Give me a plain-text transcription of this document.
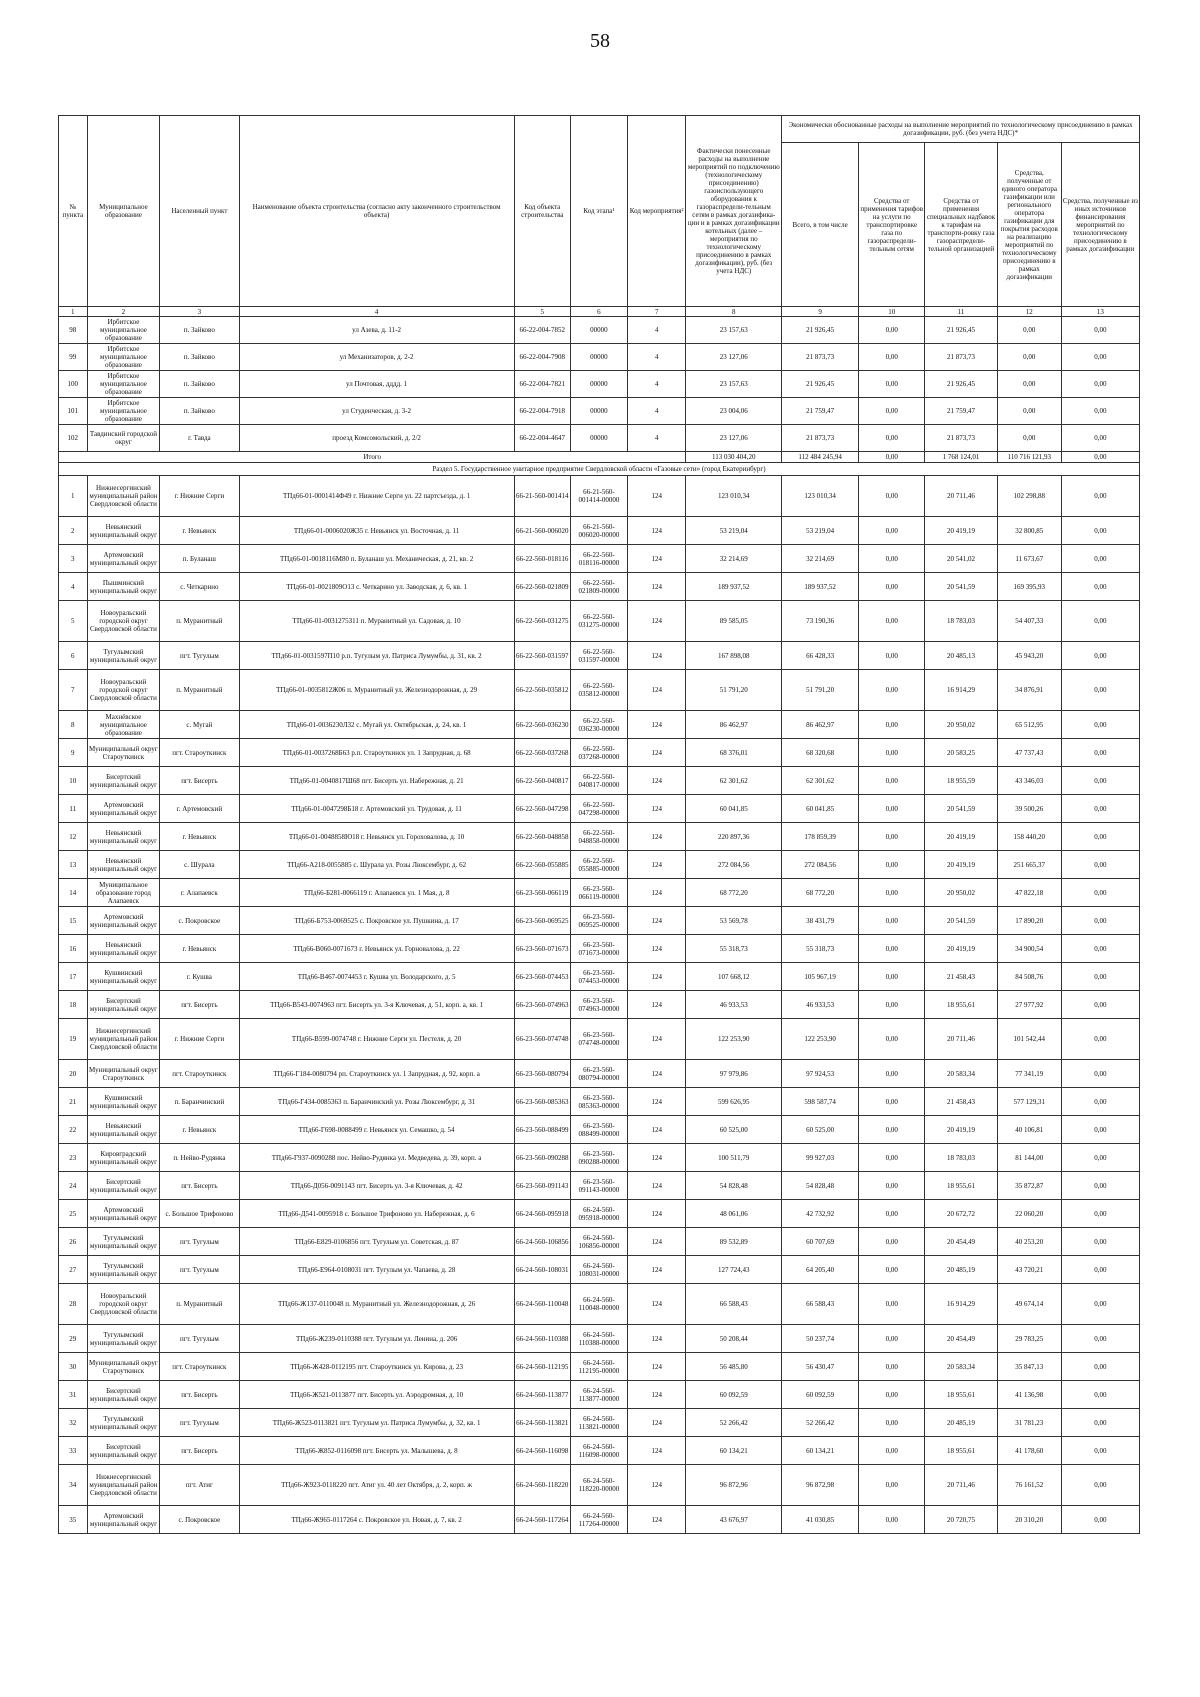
58
№ пункта	Муниципальное образование	Населенный пункт	Наименование объекта строительства (согласно акту законченного строительством объекта)	Код объекта строительства	Код этапа¹	Код мероприятия²	Фактически понесенные расходы на выполнение мероприятий по подключению (технологическому присоединению) газоиспользующего оборудования к газораспредели-тельным сетям в рамках догазифика-ции и в рамках догазификации котельных (далее – мероприятия по технологическому присоединению в рамках догазификации), руб. (без учета НДС)	Экономически обоснованные расходы на выполнение мероприятий по технологическому присоединению в рамках догазификации, руб. (без учета НДС)*				
								Всего, в том числе	Средства от применения тарифов на услуги по транспортировке газа по газораспредели-тельным сетям	Средства от применения специальных надбавок к тарифам на транспорти-ровку газа газораспредели-тельной организацией	Средства, полученные от единого оператора газификации или регионального оператора газификации для покрытия расходов на реализацию мероприятий по технологическому присоединению в рамках догазификации	Средства, полученные из иных источников финансирования мероприятий по технологическому присоединению в рамках догазификации
1	2	3	4	5	6	7	8	9	10	11	12	13
98	Ирбитское муниципальное образование	п. Зайково	ул Азева, д. 11-2	66-22-004-7852	00000	4	23 157,63	21 926,45	0,00	21 926,45	0,00	0,00
99	Ирбитское муниципальное образование	п. Зайково	ул Механизаторов, д. 2-2	66-22-004-7908	00000	4	23 127,06	21 873,73	0,00	21 873,73	0,00	0,00
100	Ирбитское муниципальное образование	п. Зайково	ул Почтовая, дддд. 1	66-22-004-7821	00000	4	23 157,63	21 926,45	0,00	21 926,45	0,00	0,00
101	Ирбитское муниципальное образование	п. Зайково	ул Студенческая, д. 3-2	66-22-004-7918	00000	4	23 004,06	21 759,47	0,00	21 759,47	0,00	0,00
102	Тавдинский городской округ	г. Тавда	проезд Комсомольский, д. 2/2	66-22-004-4647	00000	4	23 127,06	21 873,73	0,00	21 873,73	0,00	0,00
Итого							113 030 404,20	112 484 245,94	0,00	1 768 124,01	110 716 121,93	0,00
Раздел 5. Государственное унитарное предприятие Свердловской области «Газовые сети» (город Екатеринбург)												
1	Нижнесергинский муниципальный район Свердловской области	г. Нижние Серги	ТПд66-01-0001414Ф49 г. Нижние Серги ул. 22 партсъезда, д. 1	66-21-560-001414	66-21-560-001414-00000	124	123 010,34	123 010,34	0,00	20 711,46	102 298,88	0,00
2	Невьянский муниципальный округ	г. Невьянск	ТПд66-01-0006020Ж35 г. Невьянск ул. Восточная, д. 11	66-21-560-006020	66-21-560-006020-00000	124	53 219,04	53 219,04	0,00	20 419,19	32 800,85	0,00
3	Артемовский муниципальный округ	п. Буланаш	ТПд66-01-0018116М80 п. Буланаш ул. Механическая, д. 21, кв. 2	66-22-560-018116	66-22-560-018116-00000	124	32 214,69	32 214,69	0,00	20 541,02	11 673,67	0,00
4	Пышминский муниципальный округ	с. Четкарино	ТПд66-01-0021809О13 с. Четкарино ул. Заводская, д. 6, кв. 1	66-22-560-021809	66-22-560-021809-00000	124	189 937,52	189 937,52	0,00	20 541,59	169 395,93	0,00
5	Новоуральский городской округ Свердловской области	п. Муранитный	ТПд66-01-0031275З11 п. Муранитный ул. Садовая, д. 10	66-22-560-031275	66-22-560-031275-00000	124	89 585,05	73 190,36	0,00	18 783,03	54 407,33	0,00
6	Тугулымский муниципальный округ	пгт. Тугулым	ТПд66-01-0031597П10 р.п. Тугулым ул. Патриса Лумумбы, д. 31, кв. 2	66-22-560-031597	66-22-560-031597-00000	124	167 898,08	66 428,33	0,00	20 485,13	45 943,20	0,00
7	Новоуральский городской округ Свердловской области	п. Муранитный	ТПд66-01-0035812Ж06 п. Муранитный ул. Железнодорожная, д. 29	66-22-560-035812	66-22-560-035812-00000	124	51 791,20	51 791,20	0,00	16 914,29	34 876,91	0,00
8	Махнёвское муниципальное образование	с. Мугай	ТПд66-01-0036230Л32 с. Мугай ул. Октябрьская, д. 24, кв. 1	66-22-560-036230	66-22-560-036230-00000	124	86 462,97	86 462,97	0,00	20 950,02	65 512,95	0,00
9	Муниципальный округ Староуткинск	пгт. Староуткинск	ТПд66-01-0037268Б63 р.п. Староуткинск ул. 1 Запрудная, д. 68	66-22-560-037268	66-22-560-037268-00000	124	68 376,01	68 320,68	0,00	20 583,25	47 737,43	0,00
10	Бисертский муниципальный округ	пгт. Бисерть	ТПд66-01-0040817Ш68 пгт. Бисерть ул. Набережная, д. 21	66-22-560-040817	66-22-560-040817-00000	124	62 301,62	62 301,62	0,00	18 955,59	43 346,03	0,00
11	Артемовский муниципальный округ	г. Артемовский	ТПд66-01-0047298Б18 г. Артемовский ул. Трудовая, д. 11	66-22-560-047298	66-22-560-047298-00000	124	60 041,85	60 041,85	0,00	20 541,59	39 500,26	0,00
12	Невьянский муниципальный округ	г. Невьянск	ТПд66-01-0048858Ю18 г. Невьянск ул. Гороховалова, д. 10	66-22-560-048858	66-22-560-048858-00000	124	220 897,36	178 859,39	0,00	20 419,19	158 440,20	0,00
13	Невьянский муниципальный округ	с. Шурала	ТПд66-А218-0055885 с. Шурала ул. Розы Люксембург, д. 62	66-22-560-055885	66-22-560-055885-00000	124	272 084,56	272 084,56	0,00	20 419,19	251 665,37	0,00
14	Муниципальное образование город Алапаевск	г. Алапаевск	ТПд66-Б281-0066119 г. Алапаевск ул. 1 Мая, д. 8	66-23-560-066119	66-23-560-066119-00000	124	68 772,20	68 772,20	0,00	20 950,02	47 822,18	0,00
15	Артемовский муниципальный округ	с. Покровское	ТПд66-Б753-0069525 с. Покровское ул. Пушкина, д. 17	66-23-560-069525	66-23-560-069525-00000	124	53 569,78	38 431,79	0,00	20 541,59	17 890,20	0,00
16	Невьянский муниципальный округ	г. Невьянск	ТПд66-В060-0071673 г. Невьянск ул. Горновалова, д. 22	66-23-560-071673	66-23-560-071673-00000	124	55 318,73	55 318,73	0,00	20 419,19	34 900,54	0,00
17	Кушвинский муниципальный округ	г. Кушва	ТПд66-В467-0074453 г. Кушва ул. Володарского, д. 5	66-23-560-074453	66-23-560-074453-00000	124	107 668,12	105 967,19	0,00	21 458,43	84 508,76	0,00
18	Бисертский муниципальный округ	пгт. Бисерть	ТПд66-В543-0074963 пгт. Бисерть ул. 3-я Ключевая, д. 51, корп. а, кв. 1	66-23-560-074963	66-23-560-074963-00000	124	46 933,53	46 933,53	0,00	18 955,61	27 977,92	0,00
19	Нижнесергинский муниципальный район Свердловской области	г. Нижние Серги	ТПд66-В599-0074748 г. Нижние Серги ул. Пестеля, д. 20	66-23-560-074748	66-23-560-074748-00000	124	122 253,90	122 253,90	0,00	20 711,46	101 542,44	0,00
20	Муниципальный округ Староуткинск	пгт. Староуткинск	ТПд66-Г184-0080794 рп. Староуткинск ул. 1 Запрудная, д. 92, корп. а	66-23-560-080794	66-23-560-080794-00000	124	97 979,86	97 924,53	0,00	20 583,34	77 341,19	0,00
21	Кушвинский муниципальный округ	п. Баранчинский	ТПд66-Г434-0085363 п. Баранчинский ул. Розы Люксембург, д. 31	66-23-560-085363	66-23-560-085363-00000	124	599 626,95	598 587,74	0,00	21 458,43	577 129,31	0,00
22	Невьянский муниципальный округ	г. Невьянск	ТПд66-Г698-0088499 г. Невьянск ул. Семашко, д. 54	66-23-560-088499	66-23-560-088499-00000	124	60 525,00	60 525,00	0,00	20 419,19	40 106,81	0,00
23	Кировградский муниципальный округ	п. Нейво-Рудянка	ТПд66-Г937-0090288 пос. Нейво-Рудянка ул. Медведева, д. 39, корп. а	66-23-560-090288	66-23-560-090288-00000	124	100 511,79	99 927,03	0,00	18 783,03	81 144,00	0,00
24	Бисертский муниципальный округ	пгт. Бисерть	ТПд66-Д056-0091143 пгт. Бисерть ул. 3-я Ключевая, д. 42	66-23-560-091143	66-23-560-091143-00000	124	54 828,48	54 828,48	0,00	18 955,61	35 872,87	0,00
25	Артемовский муниципальный округ	с. Большое Трифоново	ТПд66-Д541-0095918 с. Большое Трифоново ул. Набережная, д. 6	66-24-560-095918	66-24-560-095918-00000	124	48 061,06	42 732,92	0,00	20 672,72	22 060,20	0,00
26	Тугулымский муниципальный округ	пгт. Тугулым	ТПд66-Е829-0106856 пгт. Тугулым ул. Советская, д. 87	66-24-560-106856	66-24-560-106856-00000	124	89 532,89	60 707,69	0,00	20 454,49	40 253,20	0,00
27	Тугулымский муниципальный округ	пгт. Тугулым	ТПд66-Е964-0108031 пгт. Тугулым ул. Чапаева, д. 28	66-24-560-108031	66-24-560-108031-00000	124	127 724,43	64 205,40	0,00	20 485,19	43 720,21	0,00
28	Новоуральский городской округ Свердловской области	п. Муранитный	ТПд66-Ж137-0110048 п. Муранитный ул. Железнодорожная, д. 26	66-24-560-110048	66-24-560-110048-00000	124	66 588,43	66 588,43	0,00	16 914,29	49 674,14	0,00
29	Тугулымский муниципальный округ	пгт. Тугулым	ТПд66-Ж239-0110388 пгт. Тугулым ул. Ленина, д. 206	66-24-560-110388	66-24-560-110388-00000	124	50 208,44	50 237,74	0,00	20 454,49	29 783,25	0,00
30	Муниципальный округ Староуткинск	пгт. Староуткинск	ТПд66-Ж428-0112195 пгт. Староуткинск ул. Кирова, д. 23	66-24-560-112195	66-24-560-112195-00000	124	56 485,80	56 430,47	0,00	20 583,34	35 847,13	0,00
31	Бисертский муниципальный округ	пгт. Бисерть	ТПд66-Ж521-0113877 пгт. Бисерть ул. Аэродромная, д. 10	66-24-560-113877	66-24-560-113877-00000	124	60 092,59	60 092,59	0,00	18 955,61	41 136,98	0,00
32	Тугулымский муниципальный округ	пгт. Тугулым	ТПд66-Ж523-0113821 пгт. Тугулым ул. Патриса Лумумбы, д. 32, кв. 1	66-24-560-113821	66-24-560-113821-00000	124	52 266,42	52 266,42	0,00	20 485,19	31 781,23	0,00
33	Бисертский муниципальный округ	пгт. Бисерть	ТПд66-Ж852-0116098 пгт. Бисерть ул. Малышева, д. 8	66-24-560-116098	66-24-560-116098-00000	124	60 134,21	60 134,21	0,00	18 955,61	41 178,60	0,00
34	Нижнесергинский муниципальный район Свердловской области	пгт. Атиг	ТПд66-Ж923-0118220 пгт. Атиг ул. 40 лет Октября, д. 2, корп. ж	66-24-560-118220	66-24-560-118220-00000	124	96 872,96	96 872,98	0,00	20 711,46	76 161,52	0,00
35	Артемовский муниципальный округ	с. Покровское	ТПд66-Ж965-0117264 с. Покровское ул. Новая, д. 7, кв. 2	66-24-560-117264	66-24-560-117264-00000	124	43 676,97	41 030,85	0,00	20 720,75	20 310,20	0,00
